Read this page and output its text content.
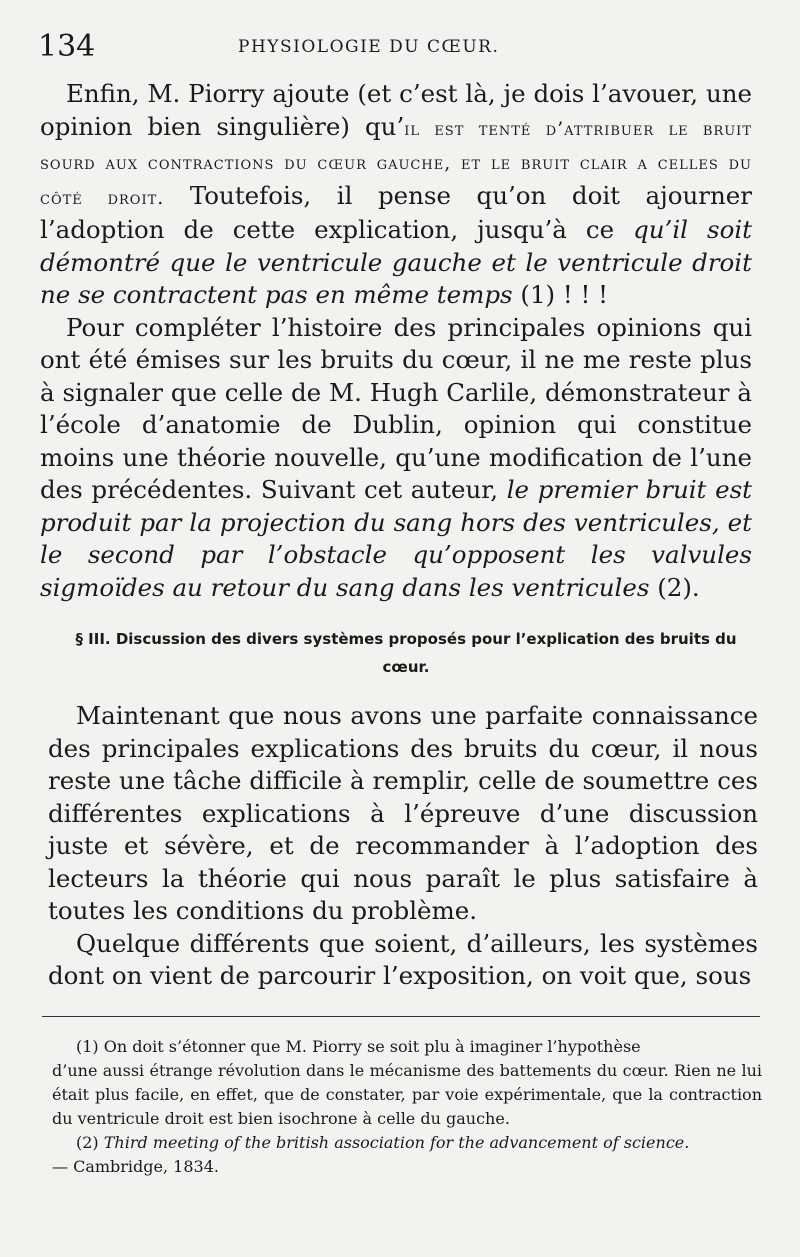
134	PHYSIOLOGIE DU CŒUR.

Enfin, M. Piorry ajoute (et c’est là, je dois l’avouer, une opinion bien singulière) qu’il est tenté d’attribuer le bruit sourd aux contractions du cœur gauche, et le bruit clair a celles du côté droit. Toutefois, il pense qu’on doit ajourner l’adoption de cette explication, jusqu’à ce qu’il soit démontré que le ventricule gauche et le ventricule droit ne se contractent pas en même temps (1) ! ! !

Pour compléter l’histoire des principales opinions qui ont été émises sur les bruits du cœur, il ne me reste plus à signaler que celle de M. Hugh Carlile, démonstrateur à l’école d’anatomie de Dublin, opinion qui constitue moins une théorie nouvelle, qu’une modification de l’une des précédentes. Suivant cet auteur, le premier bruit est produit par la projection du sang hors des ventricules, et le second par l’obstacle qu’opposent les valvules sigmoïdes au retour du sang dans les ventricules (2).

§ III. Discussion des divers systèmes proposés pour l’explication des bruits du cœur.

Maintenant que nous avons une parfaite connaissance des principales explications des bruits du cœur, il nous reste une tâche difficile à remplir, celle de soumettre ces différentes explications à l’épreuve d’une discussion juste et sévère, et de recommander à l’adoption des lecteurs la théorie qui nous paraît le plus satisfaire à toutes les conditions du problème.

Quelque différents que soient, d’ailleurs, les systèmes dont on vient de parcourir l’exposition, on voit que, sous

(1) On doit s’étonner que M. Piorry se soit plu à imaginer l’hypothèse

d’une aussi étrange révolution dans le mécanisme des battements du cœur. Rien ne lui était plus facile, en effet, que de constater, par voie expérimentale, que la contraction du ventricule droit est bien isochrone à celle du gauche.

(2) Third meeting of the british association for the advancement of science.

— Cambridge, 1834.
